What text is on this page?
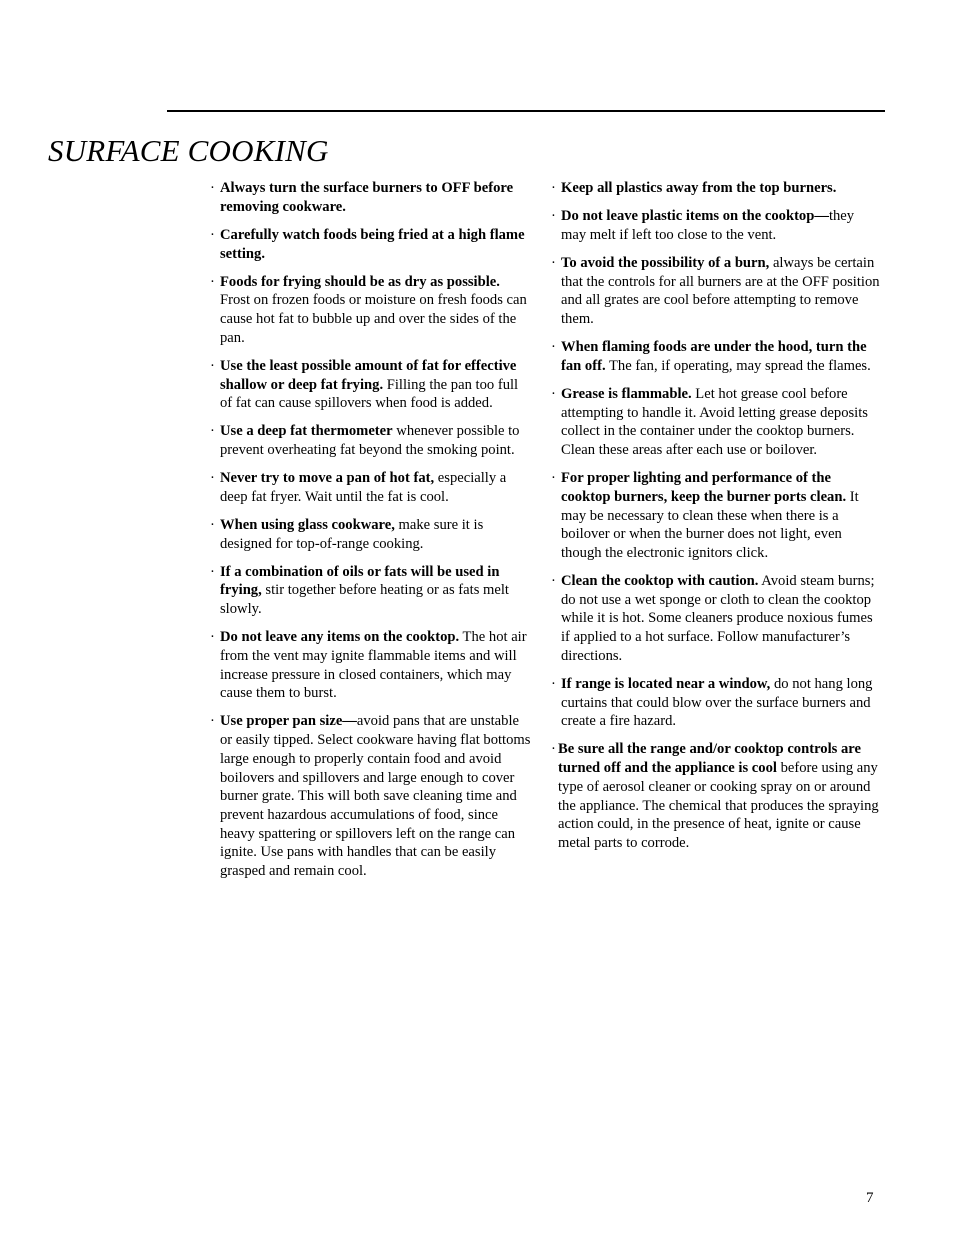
SURFACE COOKING

· Always turn the surface burners to OFF before removing cookware.

· Carefully watch foods being fried at a high flame setting.

· Foods for frying should be as dry as possible. Frost on frozen foods or moisture on fresh foods can cause hot fat to bubble up and over the sides of the pan.

· Use the least possible amount of fat for effective shallow or deep fat frying. Filling the pan too full of fat can cause spillovers when food is added.

· Use a deep fat thermometer whenever possible to prevent overheating fat beyond the smoking point.

· Never try to move a pan of hot fat, especially a deep fat fryer. Wait until the fat is cool.

· When using glass cookware, make sure it is designed for top-of-range cooking.

· If a combination of oils or fats will be used in frying, stir together before heating or as fats melt slowly.

· Do not leave any items on the cooktop. The hot air from the vent may ignite flammable items and will increase pressure in closed containers, which may cause them to burst.

· Use proper pan size—avoid pans that are unstable or easily tipped. Select cookware having flat bottoms large enough to properly contain food and avoid boilovers and spillovers and large enough to cover burner grate. This will both save cleaning time and prevent hazardous accumulations of food, since heavy spattering or spillovers left on the range can ignite. Use pans with handles that can be easily grasped and remain cool.

· Keep all plastics away from the top burners.

· Do not leave plastic items on the cooktop—they may melt if left too close to the vent.

· To avoid the possibility of a burn, always be certain that the controls for all burners are at the OFF position and all grates are cool before attempting to remove them.

· When flaming foods are under the hood, turn the fan off. The fan, if operating, may spread the flames.

· Grease is flammable. Let hot grease cool before attempting to handle it. Avoid letting grease deposits collect in the container under the cooktop burners. Clean these areas after each use or boilover.

· For proper lighting and performance of the cooktop burners, keep the burner ports clean. It may be necessary to clean these when there is a boilover or when the burner does not light, even though the electronic ignitors click.

· Clean the cooktop with caution. Avoid steam burns; do not use a wet sponge or cloth to clean the cooktop while it is hot. Some cleaners produce noxious fumes if applied to a hot surface. Follow manufacturer’s directions.

· If range is located near a window, do not hang long curtains that could blow over the surface burners and create a fire hazard.

· Be sure all the range and/or cooktop controls are turned off and the appliance is cool before using any type of aerosol cleaner or cooking spray on or around the appliance. The chemical that produces the spraying action could, in the presence of heat, ignite or cause metal parts to corrode.

7
